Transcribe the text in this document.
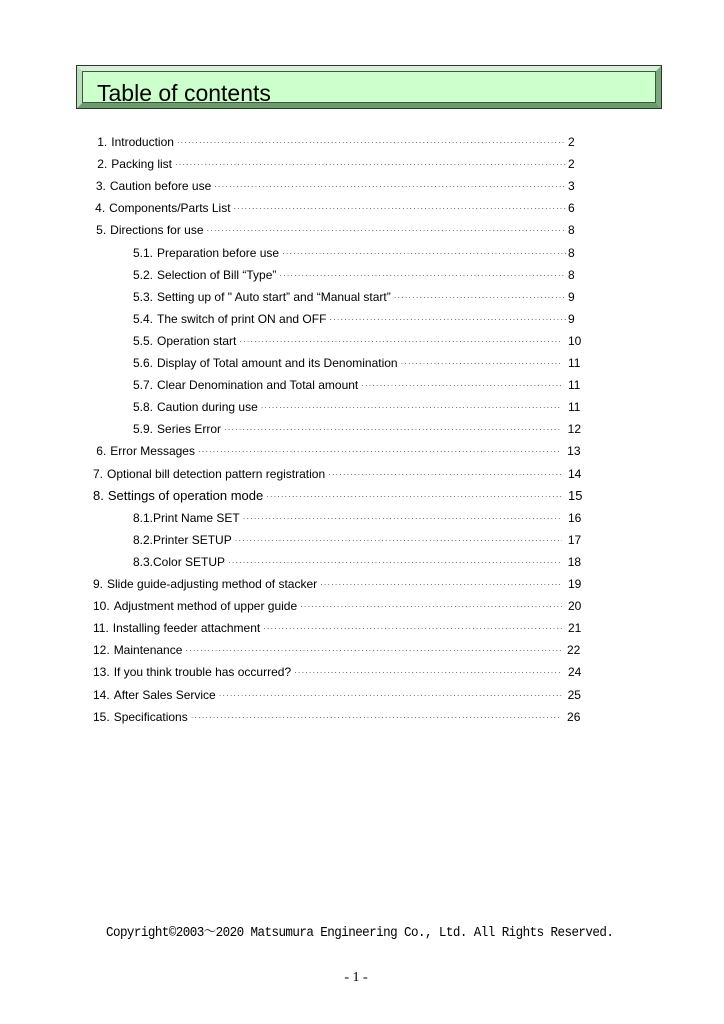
Table of contents
1. Introduction ·····	2
2. Packing list ·····	2
3. Caution before use ·····	3
4. Components/Parts List ·····	6
5. Directions for use ·····	8
5.1. Preparation before use ·····	8
5.2. Selection of Bill “Type” ·····	8
5.3. Setting up of " Auto start” and “Manual start” ·····	9
5.4. The switch of print ON and OFF ·····	9
5.5. Operation start ·····	10
5.6. Display of Total amount and its Denomination ·····	11
5.7. Clear Denomination and Total amount ·····	11
5.8. Caution during use ·····	11
5.9. Series Error ·····	12
6. Error Messages ·····	13
7. Optional bill detection pattern registration ·····	14
8. Settings of operation mode ·····	15
8.1. Print Name SET ·····	16
8.2. Printer SETUP ·····	17
8.3. Color SETUP ·····	18
9. Slide guide-adjusting method of stacker ·····	19
10. Adjustment method of upper guide ·····	20
11. Installing feeder attachment ·····	21
12. Maintenance ·····	22
13. If you think trouble has occurred? ·····	24
14. After Sales Service ·····	25
15. Specifications ·····	26
Copyright©2003～2020 Matsumura Engineering Co., Ltd. All Rights Reserved.
- 1 -
